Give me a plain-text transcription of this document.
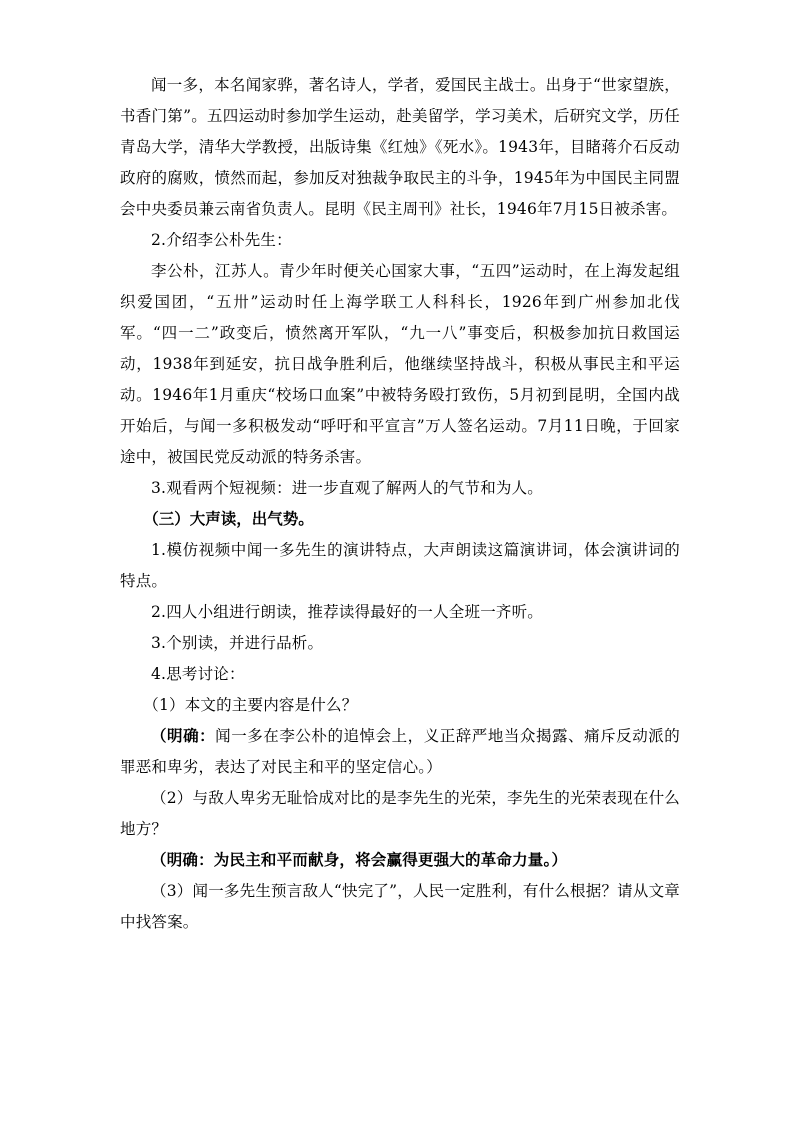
闻一多，本名闻家骅，著名诗人，学者，爱国民主战士。出身于“世家望族，书香门第”。五四运动时参加学生运动，赴美留学，学习美术，后研究文学，历任青岛大学，清华大学教授，出版诗集《红烛》《死水》。1943年，目睹蒋介石反动政府的腐败，愤然而起，参加反对独裁争取民主的斗争，1945年为中国民主同盟会中央委员兼云南省负责人。昆明《民主周刊》社长，1946年7月15日被杀害。

2.介绍李公朴先生：

李公朴，江苏人。青少年时便关心国家大事，“五四”运动时，在上海发起组织爱国团，“五卅”运动时任上海学联工人科科长，1926年到广州参加北伐军。“四一二”政变后，愤然离开军队，“九一八”事变后，积极参加抗日救国运动，1938年到延安，抗日战争胜利后，他继续坚持战斗，积极从事民主和平运动。1946年1月重庆“校场口血案”中被特务殴打致伤，5月初到昆明，全国内战开始后，与闻一多积极发动“呼吁和平宣言”万人签名运动。7月11日晚，于回家途中，被国民党反动派的特务杀害。

3.观看两个短视频：进一步直观了解两人的气节和为人。

（三）大声读，出气势。

1.模仿视频中闻一多先生的演讲特点，大声朗读这篇演讲词，体会演讲词的特点。

2.四人小组进行朗读，推荐读得最好的一人全班一齐听。

3.个别读，并进行品析。

4.思考讨论：

（1）本文的主要内容是什么？

（明确：闻一多在李公朴的追悼会上，义正辞严地当众揭露、痛斥反动派的罪恶和卑劣，表达了对民主和平的坚定信心。）

（2）与敌人卑劣无耻恰成对比的是李先生的光荣，李先生的光荣表现在什么地方？

（明确：为民主和平而献身，将会赢得更强大的革命力量。）

（3）闻一多先生预言敌人“快完了”，人民一定胜利，有什么根据？请从文章中找答案。
